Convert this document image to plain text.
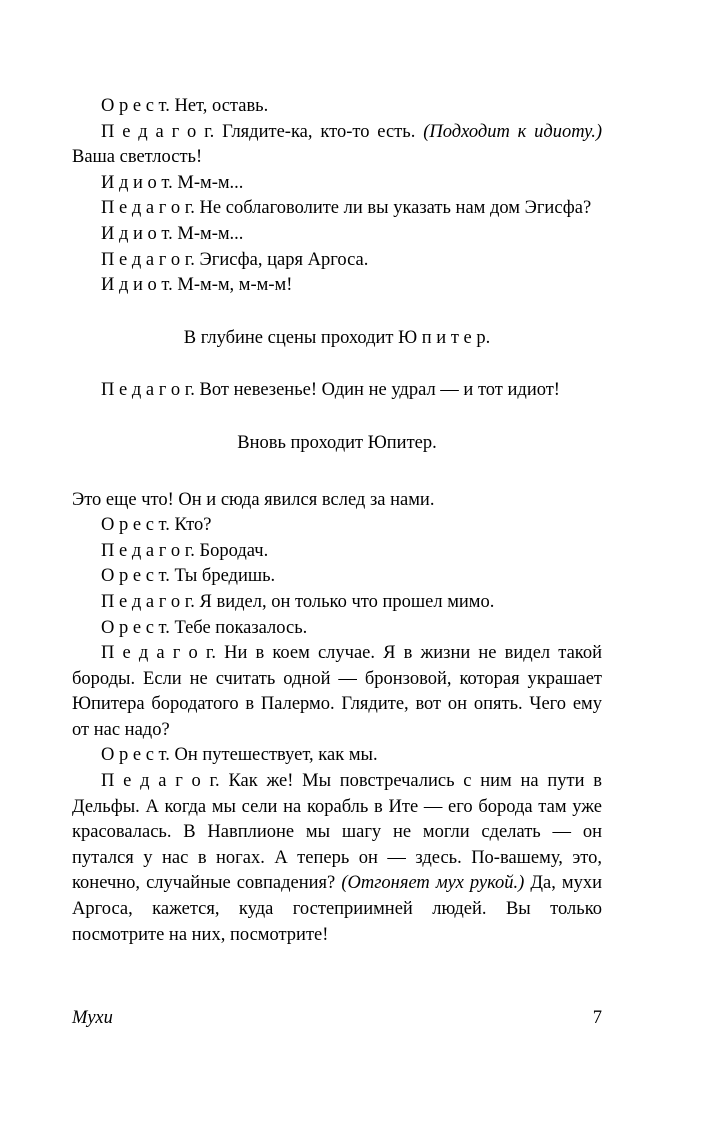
О р е с т. Нет, оставь.

П е д а г о г. Глядите-ка, кто-то есть. (Подходит к идиоту.) Ваша светлость!

И д и о т. М-м-м...

П е д а г о г. Не соблаговолите ли вы указать нам дом Эгисфа?

И д и о т. М-м-м...

П е д а г о г. Эгисфа, царя Аргоса.

И д и о т. М-м-м, м-м-м!

В глубине сцены проходит Ю п и т е р.

П е д а г о г. Вот невезенье! Один не удрал — и тот идиот!

Вновь проходит Юпитер.

Это еще что! Он и сюда явился вслед за нами.

О р е с т. Кто?

П е д а г о г. Бородач.

О р е с т. Ты бредишь.

П е д а г о г. Я видел, он только что прошел мимо.

О р е с т. Тебе показалось.

П е д а г о г. Ни в коем случае. Я в жизни не видел такой бороды. Если не считать одной — бронзовой, которая украшает Юпитера бородатого в Палермо. Глядите, вот он опять. Чего ему от нас надо?

О р е с т. Он путешествует, как мы.

П е д а г о г. Как же! Мы повстречались с ним на пути в Дельфы. А когда мы сели на корабль в Ите — его борода там уже красовалась. В Навплионе мы шагу не могли сделать — он путался у нас в ногах. А теперь он — здесь. По-вашему, это, конечно, случайные совпадения? (Отгоняет мух рукой.) Да, мухи Аргоса, кажется, куда гостеприимней людей. Вы только посмотрите на них, посмотрите!

Мухи	7
